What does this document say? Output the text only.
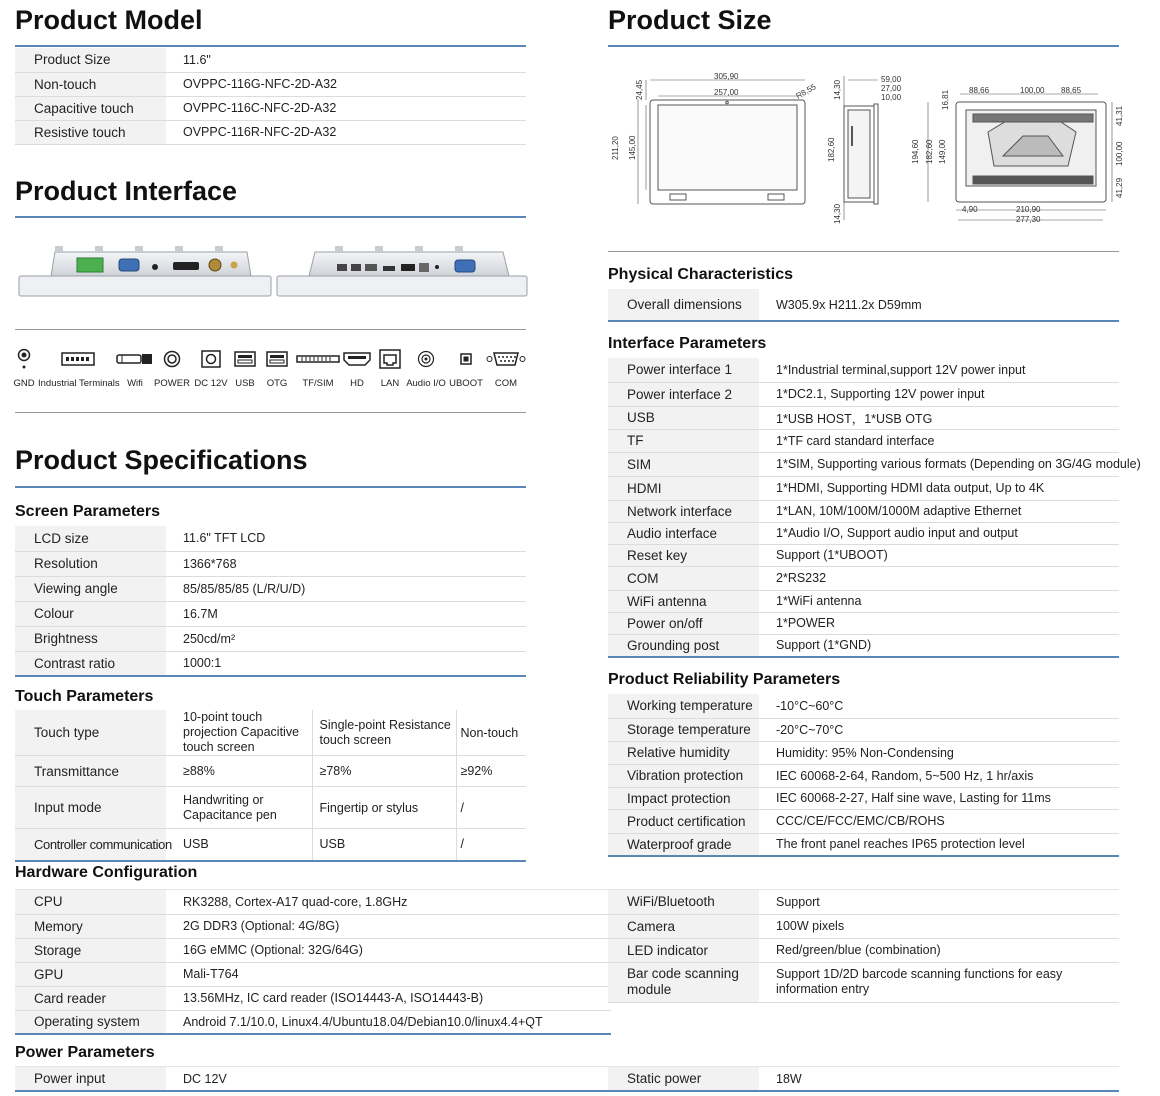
Product Model
Product Size	11.6"
Non-touch	OVPPC-116G-NFC-2D-A32
Capacitive touch	OVPPC-116C-NFC-2D-A32
Resistive touch	OVPPC-116R-NFC-2D-A32
Product Interface
GND Industrial Terminals Wifi	POWER DC 12V USB	OTG	TF/SIM	HD	LAN Audio I/O UBOOT	COM
Product Specifications
Screen Parameters
LCD size	11.6" TFT LCD
Resolution	1366*768
Viewing angle	85/85/85/85 (L/R/U/D)
Colour	16.7M
Brightness	250cd/m²
Contrast ratio	1000:1
Touch Parameters
Touch type	10-point touch projection Capacitive touch screen	Single-point Resistance touch screen	Non-touch
Transmittance	≥88%	≥78%	≥92%
Input mode	Handwriting or Capacitance pen	Fingertip or stylus	/
Controller communication	USB	USB	/
Hardware Configuration
CPU	RK3288, Cortex-A17 quad-core, 1.8GHz
Memory	2G DDR3 (Optional: 4G/8G)
Storage	16G eMMC (Optional: 32G/64G)
GPU	Mali-T764
Card reader	13.56MHz, IC card reader (ISO14443-A, ISO14443-B)
Operating system	Android 7.1/10.0, Linux4.4/Ubuntu18.04/Debian10.0/linux4.4+QT
WiFi/Bluetooth	Support
Camera	100W pixels
LED indicator	Red/green/blue (combination)
Bar code scanning module	Support 1D/2D barcode scanning functions for easy information entry
Power Parameters
Power input	DC 12V	Static power	18W
Product Size
305,90
257,00	R8,55
24,45
211,20 145,00
14,30
182,60
14,30
59,00
27,00
10,00
88,66	100,00 88,65
16,81
194,60 182,60 149,00
41,31
100,00
41,29
4,90	210,90
277,30
Physical Characteristics
Overall dimensions	W305.9x H211.2x D59mm
Interface Parameters
Power interface 1	1*Industrial terminal,support 12V power input
Power interface 2	1*DC2.1, Supporting 12V power input
USB	1*USB HOST，1*USB OTG
TF	1*TF card standard interface
SIM	1*SIM, Supporting various formats (Depending on 3G/4G module)
HDMI	1*HDMI, Supporting HDMI data output, Up to 4K
Network interface	1*LAN, 10M/100M/1000M adaptive Ethernet
Audio interface	1*Audio I/O, Support audio input and output
Reset key	Support (1*UBOOT)
COM	2*RS232
WiFi antenna	1*WiFi antenna
Power on/off	1*POWER
Grounding post	Support (1*GND)
Product Reliability Parameters
Working temperature	-10°C~60°C
Storage temperature	-20°C~70°C
Relative humidity	Humidity: 95% Non-Condensing
Vibration protection	IEC 60068-2-64, Random, 5~500 Hz, 1 hr/axis
Impact protection	IEC 60068-2-27, Half sine wave, Lasting for 11ms
Product certification	CCC/CE/FCC/EMC/CB/ROHS
Waterproof grade	The front panel reaches IP65 protection level
